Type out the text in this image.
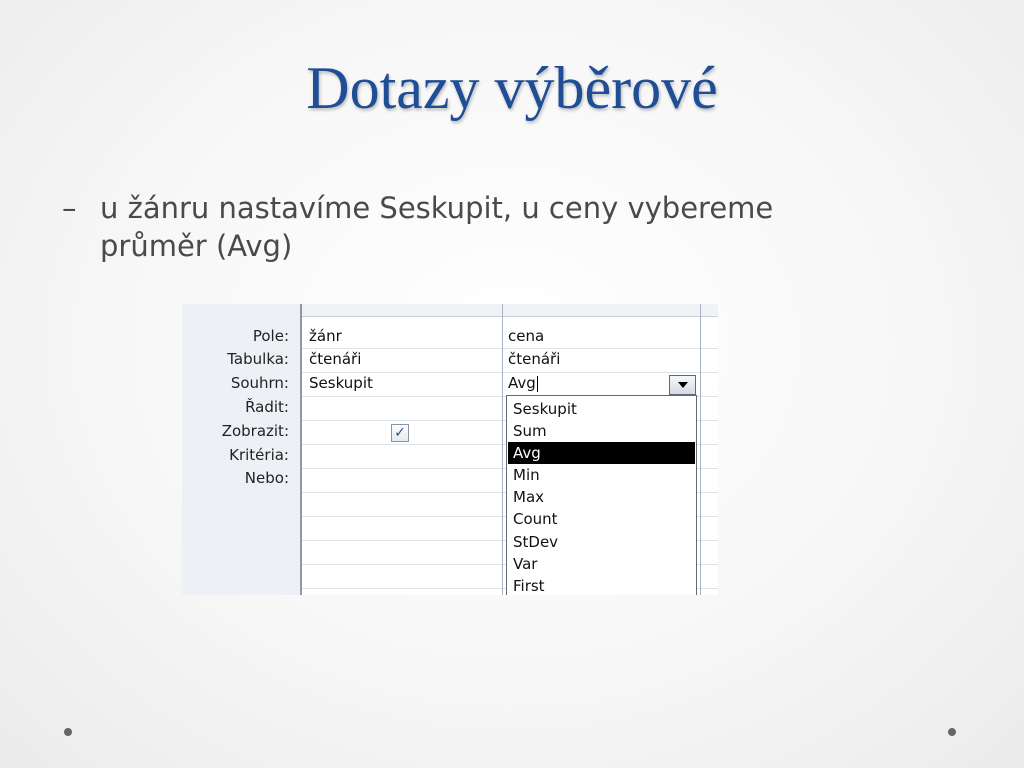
Dotazy výběrové
– u žánru nastavíme Seskupit, u ceny vybereme průměr (Avg)
Pole:
Tabulka:
Souhrn:
Řadit:
Zobrazit:
Kritéria:
Nebo:
žánr
čtenáři
Seskupit
✓
cena
čtenáři
Avg
Seskupit
Sum
Avg
Min
Max
Count
StDev
Var
First
